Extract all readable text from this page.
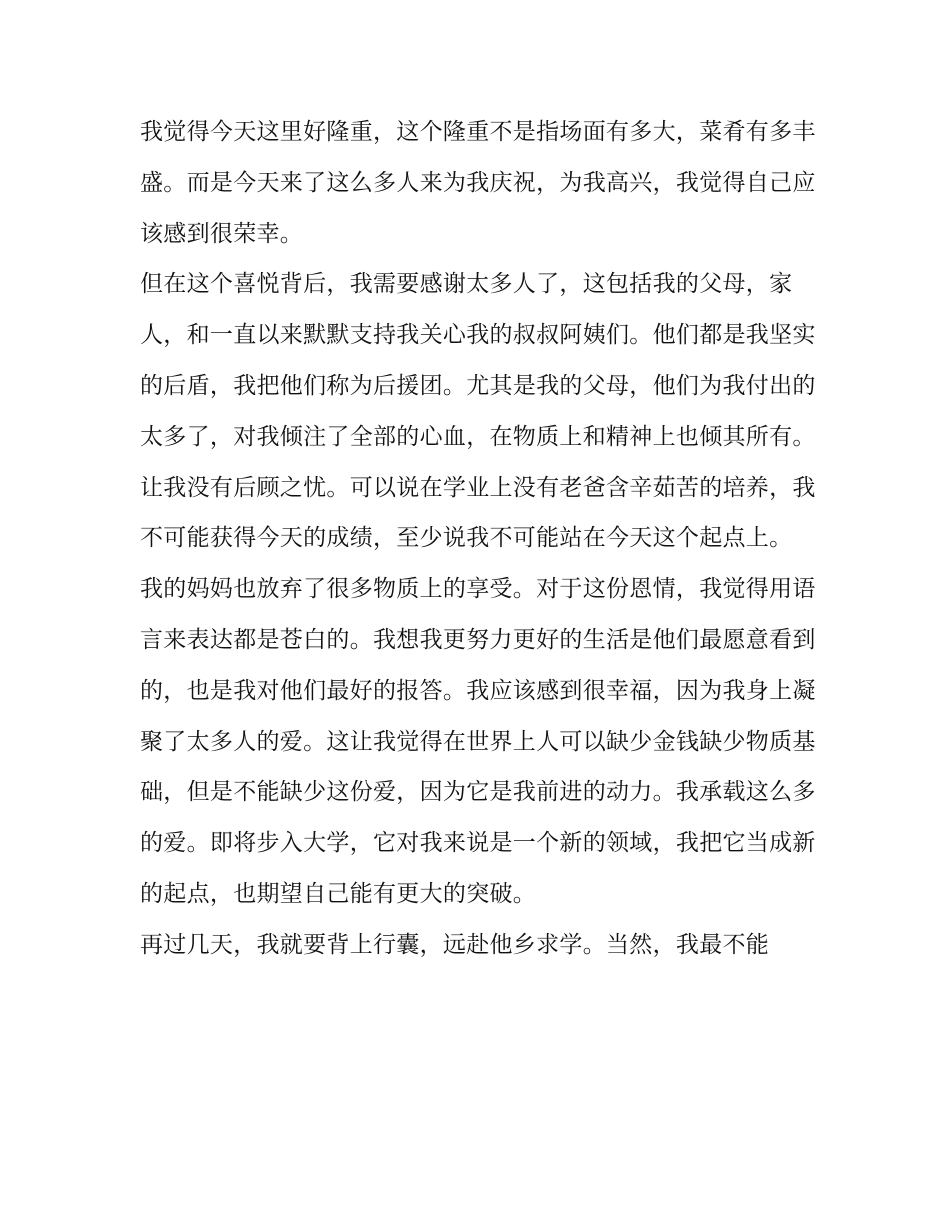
我觉得今天这里好隆重，这个隆重不是指场面有多大，菜肴有多丰盛。而是今天来了这么多人来为我庆祝，为我高兴，我觉得自己应该感到很荣幸。

但在这个喜悦背后，我需要感谢太多人了，这包括我的父母，家人，和一直以来默默支持我关心我的叔叔阿姨们。他们都是我坚实的后盾，我把他们称为后援团。尤其是我的父母，他们为我付出的太多了，对我倾注了全部的心血，在物质上和精神上也倾其所有。

让我没有后顾之忧。可以说在学业上没有老爸含辛茹苦的培养，我不可能获得今天的成绩，至少说我不可能站在今天这个起点上。

我的妈妈也放弃了很多物质上的享受。对于这份恩情，我觉得用语言来表达都是苍白的。我想我更努力更好的生活是他们最愿意看到的，也是我对他们最好的报答。我应该感到很幸福，因为我身上凝聚了太多人的爱。这让我觉得在世界上人可以缺少金钱缺少物质基础，但是不能缺少这份爱，因为它是我前进的动力。我承载这么多的爱。即将步入大学，它对我来说是一个新的领域，我把它当成新的起点，也期望自己能有更大的突破。

再过几天，我就要背上行囊，远赴他乡求学。当然，我最不能
